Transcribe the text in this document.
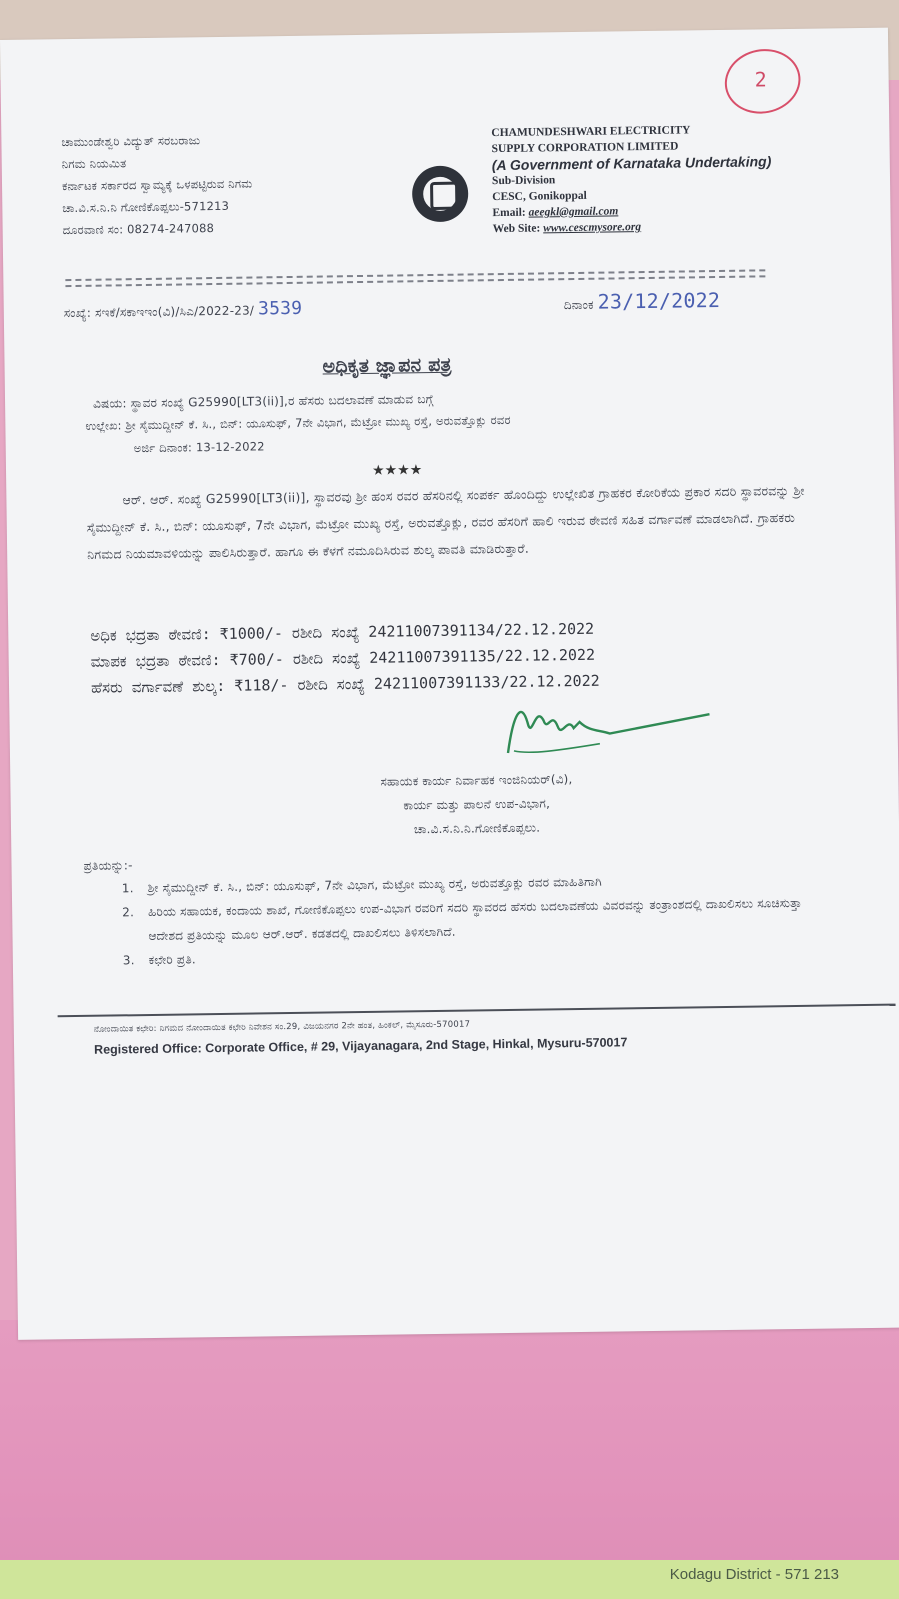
Kodagu District - 571 213
2
ಚಾಮುಂಡೇಶ್ವರಿ ವಿದ್ಯುತ್ ಸರಬರಾಜು
ನಿಗಮ ನಿಯಮಿತ
ಕರ್ನಾಟಕ ಸರ್ಕಾರದ ಸ್ವಾಮ್ಯಕ್ಕೆ ಒಳಪಟ್ಟಿರುವ ನಿಗಮ
ಚಾ.ವಿ.ಸ.ನಿ.ನಿ ಗೋಣಿಕೊಪ್ಪಲು-571213
ದೂರವಾಣಿ ಸಂ: 08274-247088
CHAMUNDESHWARI ELECTRICITY
SUPPLY CORPORATION LIMITED
(A Government of Karnataka Undertaking)
Sub-Division
CESC, Gonikoppal
Email: aeegkl@gmail.com
Web Site: www.cescmysore.org
ಸಂಖ್ಯೆ: ಸಇಕೆ/ಸಕಾಇಇಂ(ವಿ)/ಸಿಎ/2022-23/ 3539	ದಿನಾಂಕ 23/12/2022
ಅಧಿಕೃತ ಜ್ಞಾಪನ ಪತ್ರ
ವಿಷಯ: ಸ್ಥಾವರ ಸಂಖ್ಯೆ G25990[LT3(ii)],ರ ಹೆಸರು ಬದಲಾವಣೆ ಮಾಡುವ ಬಗ್ಗೆ
ಉಲ್ಲೇಖ: ಶ್ರೀ ಸೈಮುದ್ದೀನ್ ಕೆ. ಸಿ., ಬಿನ್: ಯೂಸುಫ್, 7ನೇ ವಿಭಾಗ, ಮೆಟ್ರೋ ಮುಖ್ಯ ರಸ್ತೆ, ಅರುವತ್ತೊಕ್ಲು ರವರ
ಅರ್ಜಿ ದಿನಾಂಕ: 13-12-2022
★★★★
ಆರ್. ಆರ್. ಸಂಖ್ಯೆ G25990[LT3(ii)], ಸ್ಥಾವರವು ಶ್ರೀ ಹಂಸ ರವರ ಹೆಸರಿನಲ್ಲಿ ಸಂಪರ್ಕ ಹೊಂದಿದ್ದು ಉಲ್ಲೇಖಿತ ಗ್ರಾಹಕರ ಕೋರಿಕೆಯ ಪ್ರಕಾರ ಸದರಿ ಸ್ಥಾವರವನ್ನು ಶ್ರೀ ಸೈಮುದ್ದೀನ್ ಕೆ. ಸಿ., ಬಿನ್: ಯೂಸುಫ್, 7ನೇ ವಿಭಾಗ, ಮೆಟ್ರೋ ಮುಖ್ಯ ರಸ್ತೆ, ಅರುವತ್ತೊಕ್ಲು, ರವರ ಹೆಸರಿಗೆ ಹಾಲಿ ಇರುವ ಠೇವಣಿ ಸಹಿತ ವರ್ಗಾವಣೆ ಮಾಡಲಾಗಿದೆ. ಗ್ರಾಹಕರು ನಿಗಮದ ನಿಯಮಾವಳಿಯನ್ನು ಪಾಲಿಸಿರುತ್ತಾರೆ. ಹಾಗೂ ಈ ಕೆಳಗೆ ನಮೂದಿಸಿರುವ ಶುಲ್ಕ ಪಾವತಿ ಮಾಡಿರುತ್ತಾರೆ.
ಅಧಿಕ ಭದ್ರತಾ ಠೇವಣಿ: ₹1000/- ರಶೀದಿ ಸಂಖ್ಯೆ 24211007391134/22.12.2022
ಮಾಪಕ ಭದ್ರತಾ ಠೇವಣಿ: ₹700/- ರಶೀದಿ ಸಂಖ್ಯೆ 24211007391135/22.12.2022
ಹೆಸರು ವರ್ಗಾವಣೆ ಶುಲ್ಕ: ₹118/- ರಶೀದಿ ಸಂಖ್ಯೆ 24211007391133/22.12.2022
ಸಹಾಯಕ ಕಾರ್ಯ ನಿರ್ವಾಹಕ ಇಂಜಿನಿಯರ್(ವಿ),
ಕಾರ್ಯ ಮತ್ತು ಪಾಲನೆ ಉಪ-ವಿಭಾಗ,
ಚಾ.ವಿ.ಸ.ನಿ.ನಿ.ಗೋಣಿಕೊಪ್ಪಲು.
ಪ್ರತಿಯನ್ನು:-
1. ಶ್ರೀ ಸೈಮುದ್ದೀನ್ ಕೆ. ಸಿ., ಬಿನ್: ಯೂಸುಫ್, 7ನೇ ವಿಭಾಗ, ಮೆಟ್ರೋ ಮುಖ್ಯ ರಸ್ತೆ, ಅರುವತ್ತೊಕ್ಲು ರವರ ಮಾಹಿತಿಗಾಗಿ
2. ಹಿರಿಯ ಸಹಾಯಕ, ಕಂದಾಯ ಶಾಖೆ, ಗೋಣಿಕೊಪ್ಪಲು ಉಪ-ವಿಭಾಗ ರವರಿಗೆ ಸದರಿ ಸ್ಥಾವರದ ಹೆಸರು ಬದಲಾವಣೆಯ ವಿವರವನ್ನು ತಂತ್ರಾಂಶದಲ್ಲಿ ದಾಖಲಿಸಲು ಸೂಚಿಸುತ್ತಾ ಆದೇಶದ ಪ್ರತಿಯನ್ನು ಮೂಲ ಆರ್.ಆರ್. ಕಡತದಲ್ಲಿ ದಾಖಲಿಸಲು ತಿಳಿಸಲಾಗಿದೆ.
3. ಕಛೇರಿ ಪ್ರತಿ.
ನೋಂದಾಯಿತ ಕಛೇರಿ: ನಿಗಮದ ನೋಂದಾಯಿತ ಕಛೇರಿ ನಿವೇಶನ ಸಂ.29, ವಿಜಯನಗರ 2ನೇ ಹಂತ, ಹಿಂಕಲ್, ಮೈಸೂರು-570017
Registered Office: Corporate Office, # 29, Vijayanagara, 2nd Stage, Hinkal, Mysuru-570017
